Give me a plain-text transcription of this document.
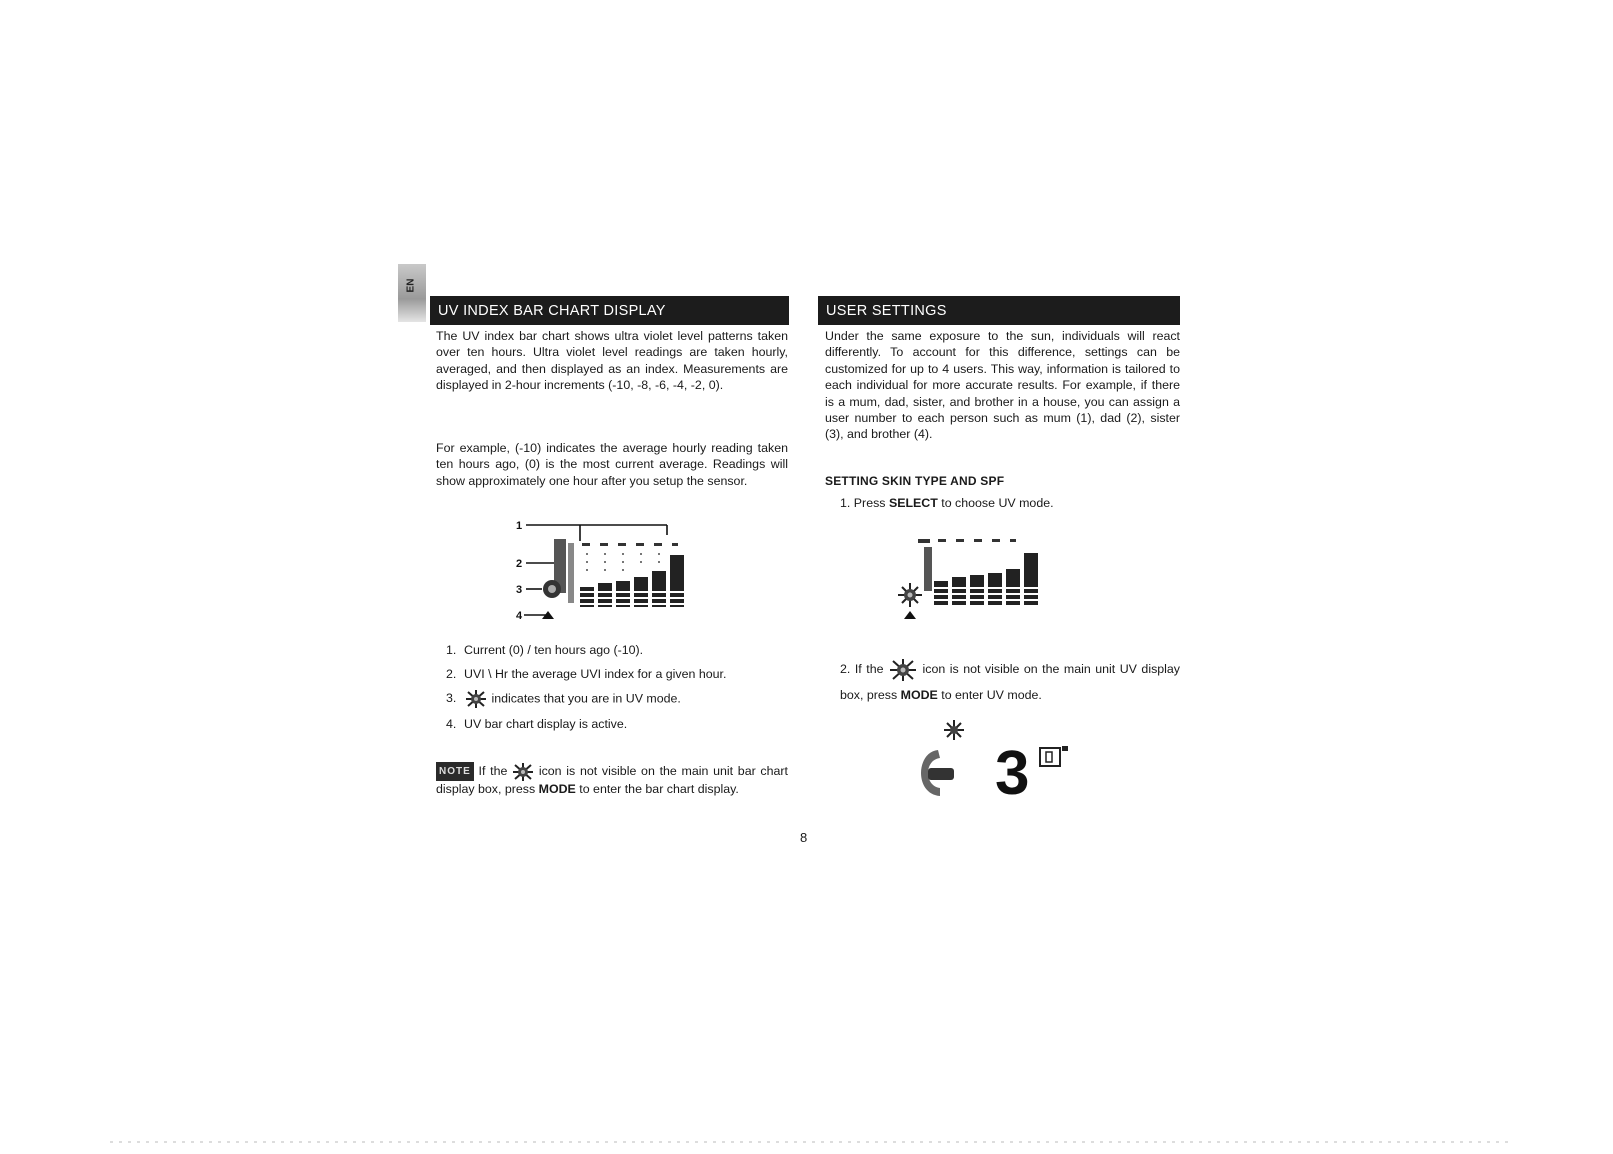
EN
UV INDEX BAR CHART DISPLAY

The UV index bar chart shows ultra violet level patterns taken over ten hours. Ultra violet level readings are taken hourly, averaged, and then displayed as an index. Measurements are displayed in 2-hour increments (-10, -8, -6, -4, -2, 0).

For example, (-10) indicates the average hourly reading taken ten hours ago, (0) is the most current average. Readings will show approximately one hour after you setup the sensor.

1
2
3
4
1. Current (0) / ten hours ago (-10).
2. UVI \ Hr the average UVI index for a given hour.
3.	indicates that you are in UV mode.
4. UV bar chart display is active.
NOTE If the	icon is not visible on the main unit bar chart display box, press MODE to enter the bar chart display.
8
USER SETTINGS

Under the same exposure to the sun, individuals will react differently. To account for this difference, settings can be customized for up to 4 users. This way, information is tailored to each individual for more accurate results. For example, if there is a mum, dad, sister, and brother in a house, you can assign a user number to each person such as mum (1), dad (2), sister (3), and brother (4).

SETTING SKIN TYPE AND SPF
1. Press SELECT to choose UV mode.
2. If the	icon is not visible on the main unit UV display box, press MODE to enter UV mode.
3
